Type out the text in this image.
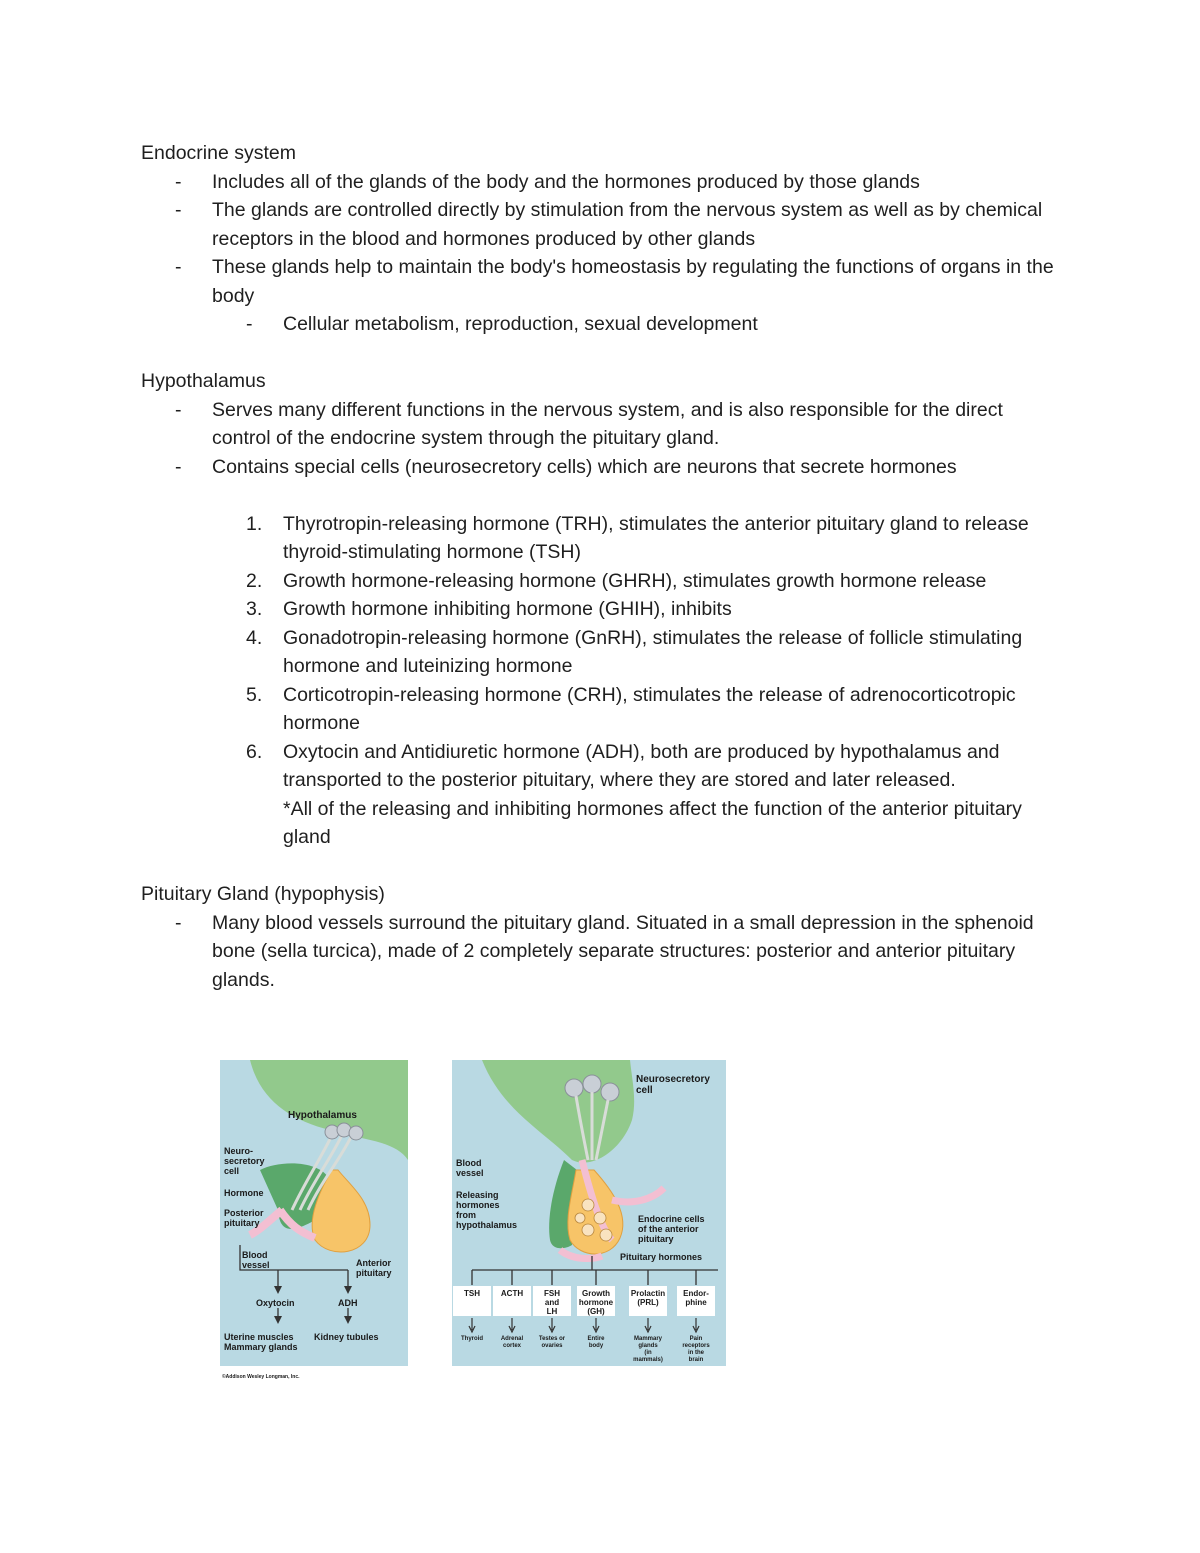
Endocrine system
- Includes all of the glands of the body and the hormones produced by those glands
- The glands are controlled directly by stimulation from the nervous system as well as by chemical receptors in the blood and hormones produced by other glands
- These glands help to maintain the body's homeostasis by regulating the functions of organs in the body
- Cellular metabolism, reproduction, sexual development
Hypothalamus
- Serves many different functions in the nervous system, and is also responsible for the direct control of the endocrine system through the pituitary gland.
- Contains special cells (neurosecretory cells) which are neurons that secrete hormones
1. Thyrotropin-releasing hormone (TRH), stimulates the anterior pituitary gland to release thyroid-stimulating hormone (TSH)
2. Growth hormone-releasing hormone (GHRH), stimulates growth hormone release
3. Growth hormone inhibiting hormone (GHIH), inhibits
4. Gonadotropin-releasing hormone (GnRH), stimulates the release of follicle stimulating hormone and luteinizing hormone
5. Corticotropin-releasing hormone (CRH), stimulates the release of adrenocorticotropic hormone
6. Oxytocin and Antidiuretic hormone (ADH), both are produced by hypothalamus and transported to the posterior pituitary, where they are stored and later released.
*All of the releasing and inhibiting hormones affect the function of the anterior pituitary gland
Pituitary Gland (hypophysis)
- Many blood vessels surround the pituitary gland. Situated in a small depression in the sphenoid bone (sella turcica), made of 2 completely separate structures: posterior and anterior pituitary glands.
Hypothalamus
Neuro-
secretory
cell
Hormone
Posterior
pituitary
Blood
vessel	Anterior
pituitary
Oxytocin	ADH
Uterine muscles
Mammary glands
Kidney tubules
©Addison Wesley Longman, Inc.
Neurosecretory
cell
Blood
vessel
Releasing
hormones
from
hypothalamus
Endocrine cells
of the anterior
pituitary
Pituitary hormones
TSH
Thyroid
ACTH
Adrenal
cortex
FSH
and
LH
Testes or
ovaries
Growth
hormone
(GH)
Entire
body
Prolactin
(PRL)
Mammary
glands
(in
mammals)
Endor-
phine
Pain
receptors
in the
brain
